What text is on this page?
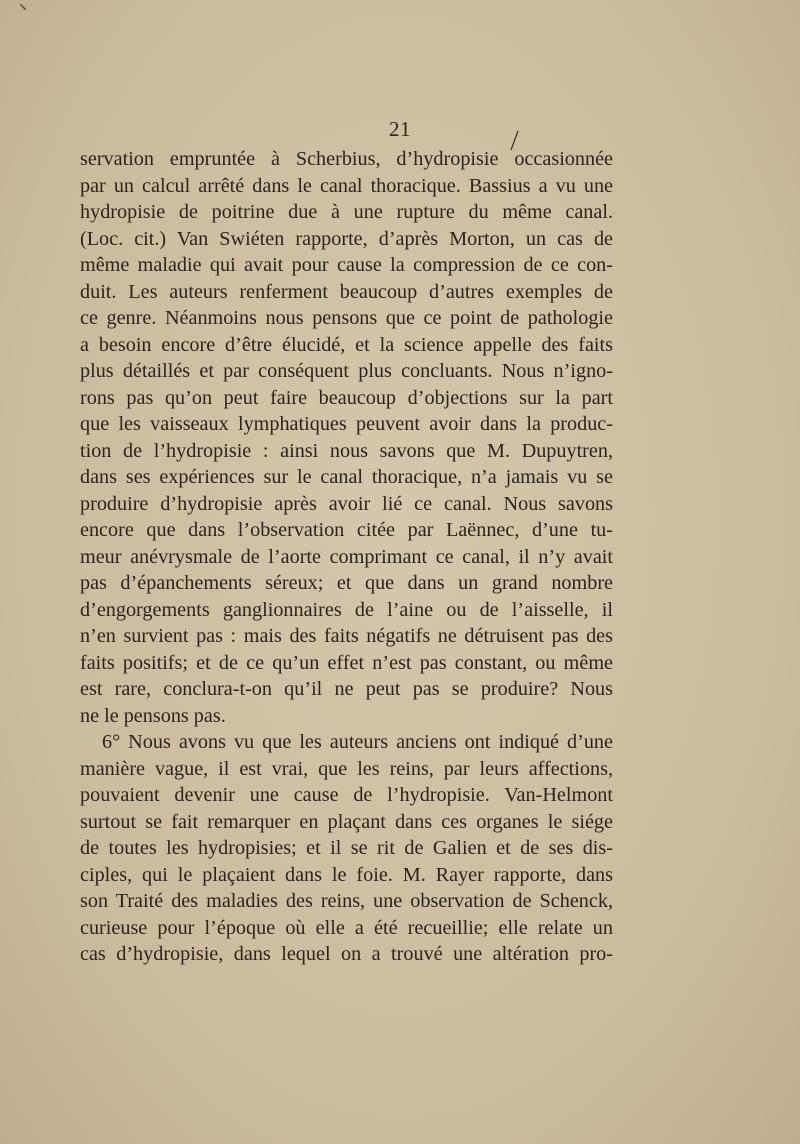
21
servation empruntée à Scherbius, d’hydropisie occasionnée
par un calcul arrêté dans le canal thoracique. Bassius a vu une
hydropisie de poitrine due à une rupture du même canal.
(Loc. cit.) Van Swiéten rapporte, d’après Morton, un cas de
même maladie qui avait pour cause la compression de ce con-
duit. Les auteurs renferment beaucoup d’autres exemples de
ce genre. Néanmoins nous pensons que ce point de pathologie
a besoin encore d’être élucidé, et la science appelle des faits
plus détaillés et par conséquent plus concluants. Nous n’igno-
rons pas qu’on peut faire beaucoup d’objections sur la part
que les vaisseaux lymphatiques peuvent avoir dans la produc-
tion de l’hydropisie : ainsi nous savons que M. Dupuytren,
dans ses expériences sur le canal thoracique, n’a jamais vu se
produire d’hydropisie après avoir lié ce canal. Nous savons
encore que dans l’observation citée par Laënnec, d’une tu-
meur anévrysmale de l’aorte comprimant ce canal, il n’y avait
pas d’épanchements séreux; et que dans un grand nombre
d’engorgements ganglionnaires de l’aine ou de l’aisselle, il
n’en survient pas : mais des faits négatifs ne détruisent pas des
faits positifs; et de ce qu’un effet n’est pas constant, ou même
est rare, conclura-t-on qu’il ne peut pas se produire? Nous
ne le pensons pas.
6° Nous avons vu que les auteurs anciens ont indiqué d’une
manière vague, il est vrai, que les reins, par leurs affections,
pouvaient devenir une cause de l’hydropisie. Van-Helmont
surtout se fait remarquer en plaçant dans ces organes le siége
de toutes les hydropisies; et il se rit de Galien et de ses dis-
ciples, qui le plaçaient dans le foie. M. Rayer rapporte, dans
son Traité des maladies des reins, une observation de Schenck,
curieuse pour l’époque où elle a été recueillie; elle relate un
cas d’hydropisie, dans lequel on a trouvé une altération pro-
